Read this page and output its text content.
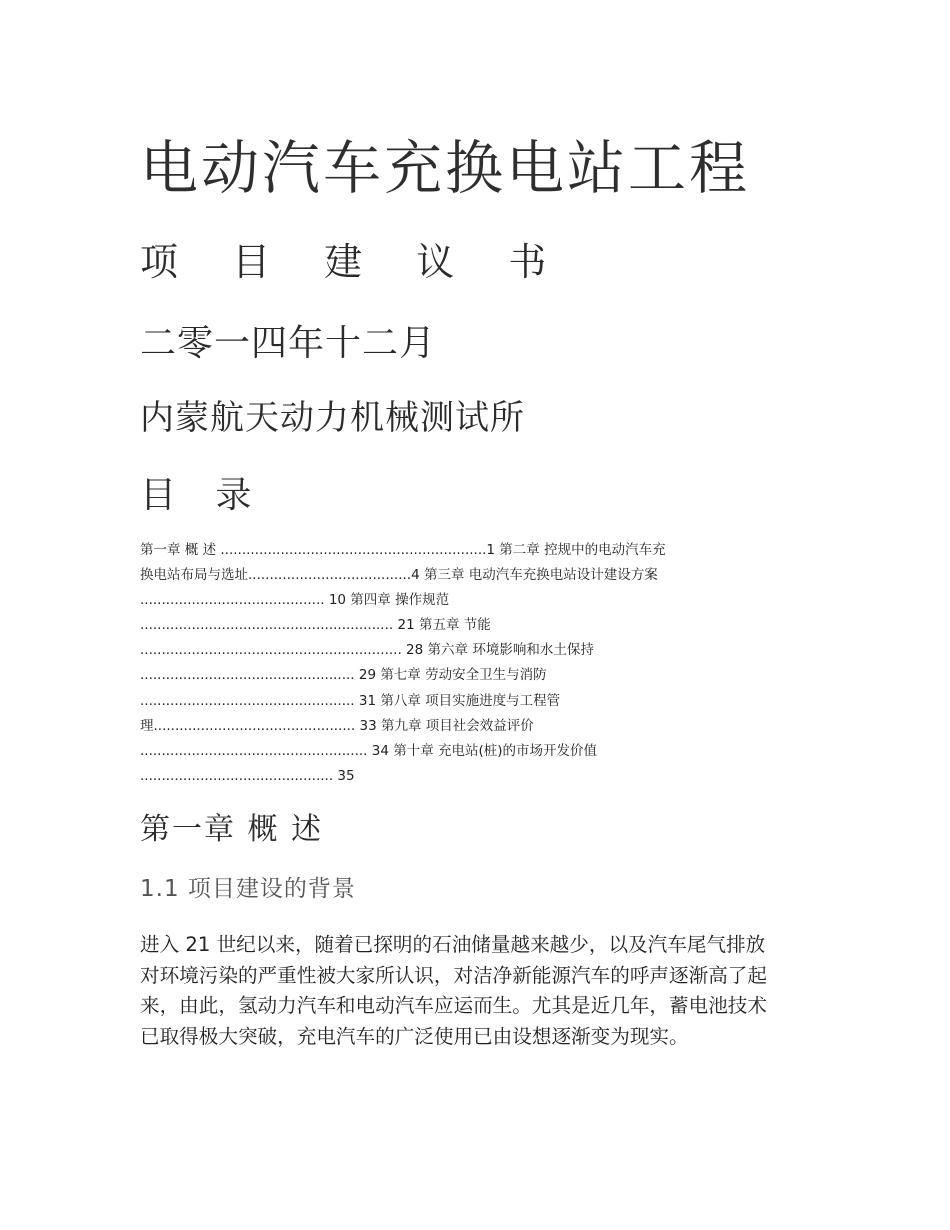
电动汽车充换电站工程
项 目 建 议 书
二零一四年十二月
内蒙航天动力机械测试所
目 录
第一章 概 述 ..............................................................1 第二章 控规中的电动汽车充
换电站布局与选址......................................4 第三章 电动汽车充换电站设计建设方案
........................................... 10 第四章 操作规范
........................................................... 21 第五章 节能
............................................................. 28 第六章 环境影响和水土保持
.................................................. 29 第七章 劳动安全卫生与消防
.................................................. 31 第八章 项目实施进度与工程管
理............................................... 33 第九章 项目社会效益评价
..................................................... 34 第十章 充电站(桩)的市场开发价值
............................................. 35
第一章 概 述
1.1 项目建设的背景
进入 21 世纪以来，随着已探明的石油储量越来越少，以及汽车尾气排放
对环境污染的严重性被大家所认识，对洁净新能源汽车的呼声逐渐高了起
来，由此，氢动力汽车和电动汽车应运而生。尤其是近几年，蓄电池技术
已取得极大突破，充电汽车的广泛使用已由设想逐渐变为现实。
